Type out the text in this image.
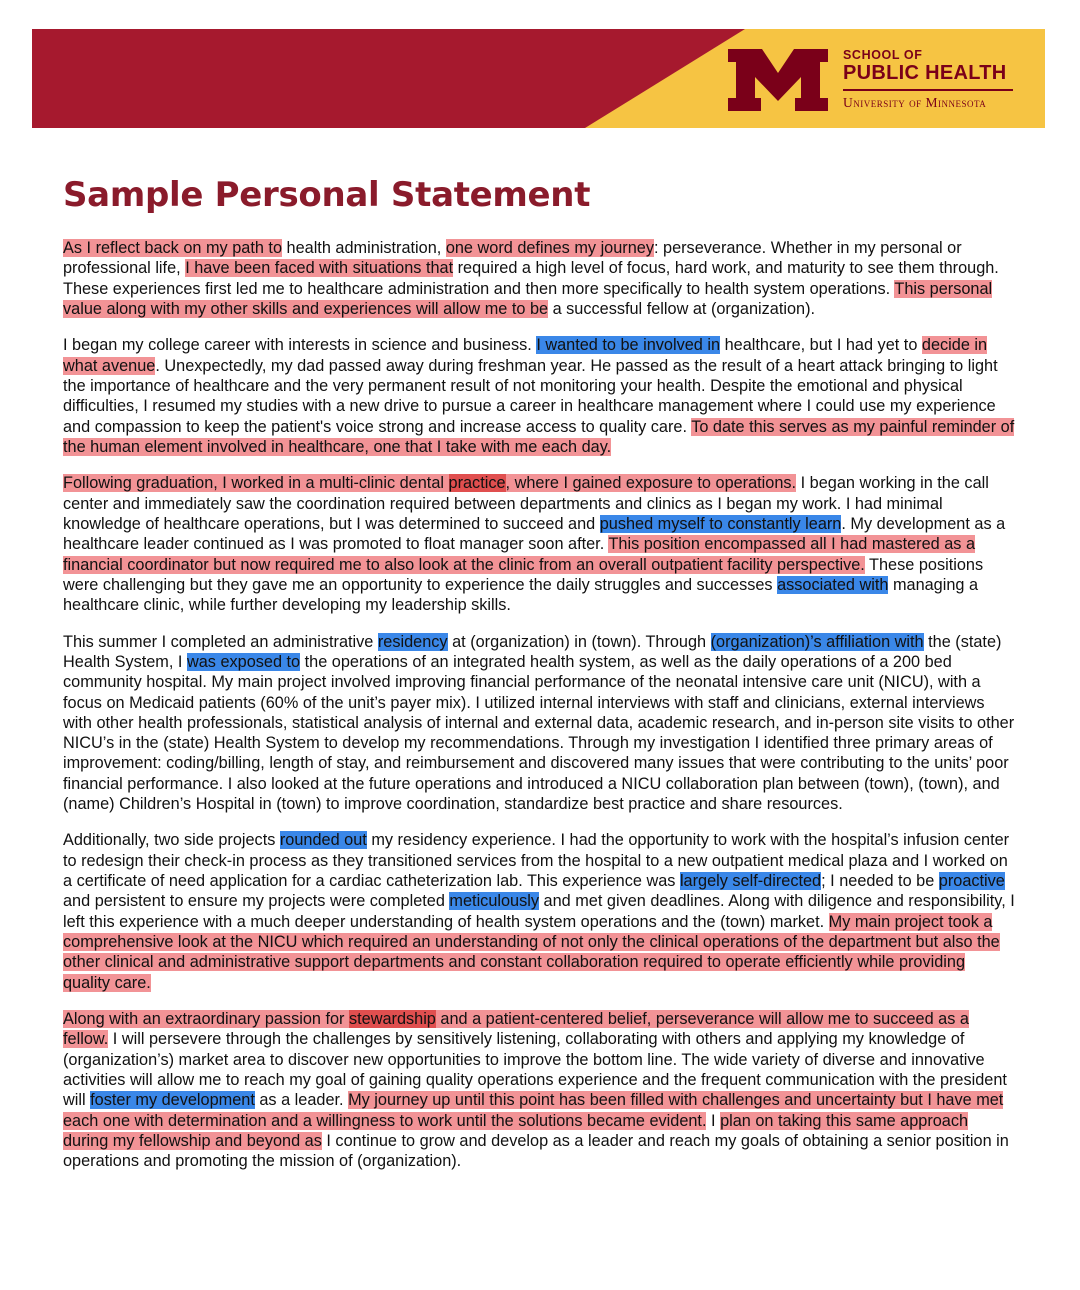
SCHOOL OF
PUBLIC HEALTH
University of Minnesota
Sample Personal Statement

As I reflect back on my path to health administration, one word defines my journey: perseverance. Whether in my personal or professional life, I have been faced with situations that required a high level of focus, hard work, and maturity to see them through. These experiences first led me to healthcare administration and then more specifically to health system operations. This personal value along with my other skills and experiences will allow me to be a successful fellow at (organization).

I began my college career with interests in science and business. I wanted to be involved in healthcare, but I had yet to decide in what avenue. Unexpectedly, my dad passed away during freshman year. He passed as the result of a heart attack bringing to light the importance of healthcare and the very permanent result of not monitoring your health. Despite the emotional and physical difficulties, I resumed my studies with a new drive to pursue a career in healthcare management where I could use my experience and compassion to keep the patient's voice strong and increase access to quality care. To date this serves as my painful reminder of the human element involved in healthcare, one that I take with me each day.

Following graduation, I worked in a multi-clinic dental practice, where I gained exposure to operations. I began working in the call center and immediately saw the coordination required between departments and clinics as I began my work. I had minimal knowledge of healthcare operations, but I was determined to succeed and pushed myself to constantly learn. My development as a healthcare leader continued as I was promoted to float manager soon after. This position encompassed all I had mastered as a financial coordinator but now required me to also look at the clinic from an overall outpatient facility perspective. These positions were challenging but they gave me an opportunity to experience the daily struggles and successes associated with managing a healthcare clinic, while further developing my leadership skills.

This summer I completed an administrative residency at (organization) in (town). Through (organization)’s affiliation with the (state) Health System, I was exposed to the operations of an integrated health system, as well as the daily operations of a 200 bed community hospital. My main project involved improving financial performance of the neonatal intensive care unit (NICU), with a focus on Medicaid patients (60% of the unit’s payer mix). I utilized internal interviews with staff and clinicians, external interviews with other health professionals, statistical analysis of internal and external data, academic research, and in-person site visits to other NICU’s in the (state) Health System to develop my recommendations. Through my investigation I identified three primary areas of improvement: coding/billing, length of stay, and reimbursement and discovered many issues that were contributing to the units’ poor financial performance. I also looked at the future operations and introduced a NICU collaboration plan between (town), (town), and (name) Children’s Hospital in (town) to improve coordination, standardize best practice and share resources.

Additionally, two side projects rounded out my residency experience. I had the opportunity to work with the hospital’s infusion center to redesign their check-in process as they transitioned services from the hospital to a new outpatient medical plaza and I worked on a certificate of need application for a cardiac catheterization lab. This experience was largely self-directed; I needed to be proactive and persistent to ensure my projects were completed meticulously and met given deadlines. Along with diligence and responsibility, I left this experience with a much deeper understanding of health system operations and the (town) market. My main project took a comprehensive look at the NICU which required an understanding of not only the clinical operations of the department but also the other clinical and administrative support departments and constant collaboration required to operate efficiently while providing quality care.

Along with an extraordinary passion for stewardship and a patient-centered belief, perseverance will allow me to succeed as a fellow. I will persevere through the challenges by sensitively listening, collaborating with others and applying my knowledge of (organization’s) market area to discover new opportunities to improve the bottom line. The wide variety of diverse and innovative activities will allow me to reach my goal of gaining quality operations experience and the frequent communication with the president will foster my development as a leader. My journey up until this point has been filled with challenges and uncertainty but I have met each one with determination and a willingness to work until the solutions became evident. I plan on taking this same approach during my fellowship and beyond as I continue to grow and develop as a leader and reach my goals of obtaining a senior position in operations and promoting the mission of (organization).
